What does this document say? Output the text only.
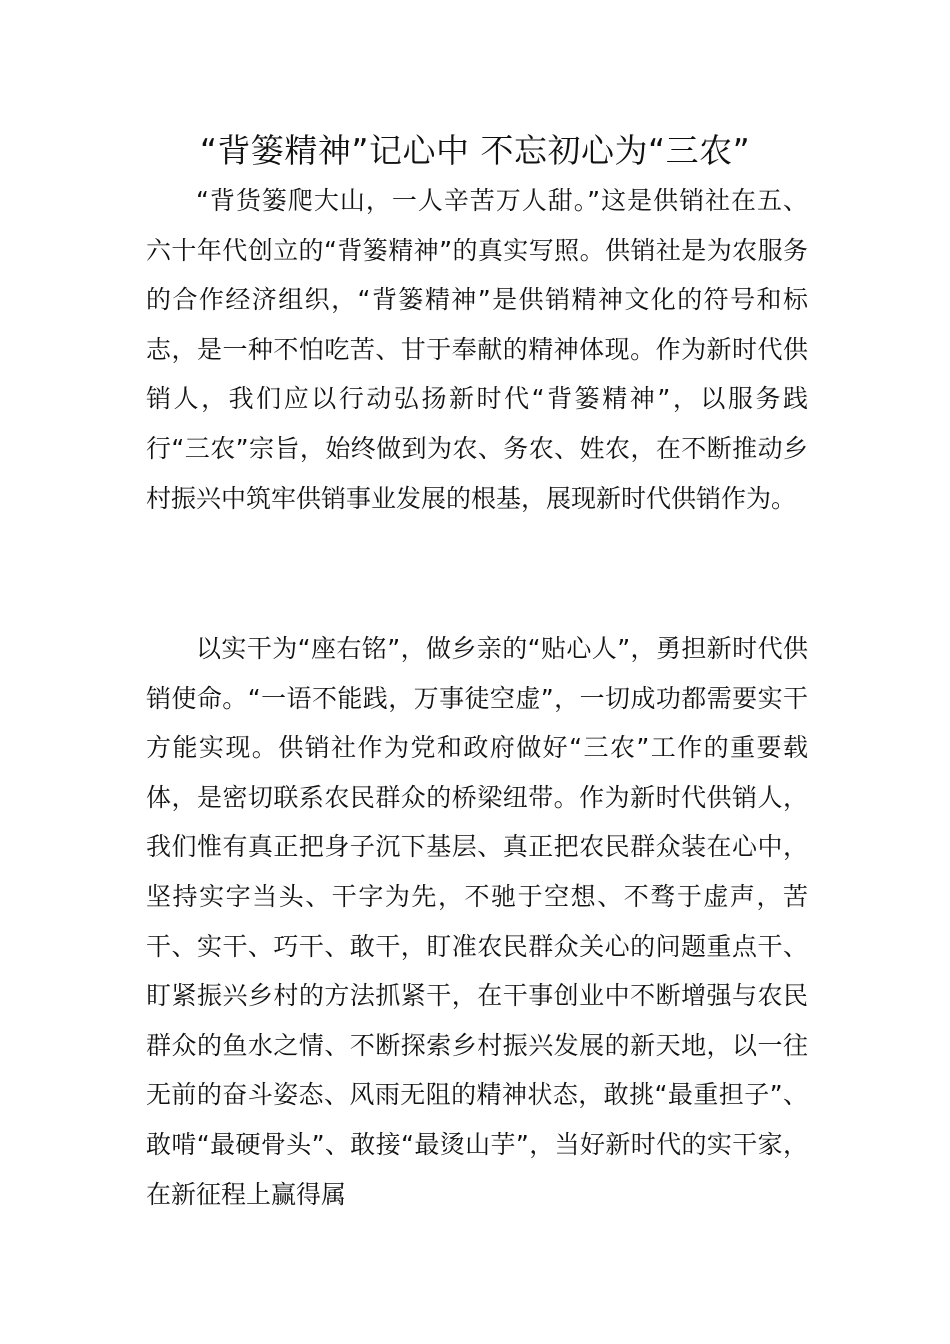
“背篓精神”记心中 不忘初心为“三农”

“背货篓爬大山，一人辛苦万人甜。”这是供销社在五、六十年代创立的“背篓精神”的真实写照。供销社是为农服务的合作经济组织，“背篓精神”是供销精神文化的符号和标志，是一种不怕吃苦、甘于奉献的精神体现。作为新时代供销人，我们应以行动弘扬新时代“背篓精神”，以服务践行“三农”宗旨，始终做到为农、务农、姓农，在不断推动乡村振兴中筑牢供销事业发展的根基，展现新时代供销作为。

以实干为“座右铭”，做乡亲的“贴心人”，勇担新时代供销使命。“一语不能践，万事徒空虚”，一切成功都需要实干方能实现。供销社作为党和政府做好“三农”工作的重要载体，是密切联系农民群众的桥梁纽带。作为新时代供销人，我们惟有真正把身子沉下基层、真正把农民群众装在心中，坚持实字当头、干字为先，不驰于空想、不骛于虚声，苦干、实干、巧干、敢干，盯准农民群众关心的问题重点干、盯紧振兴乡村的方法抓紧干，在干事创业中不断增强与农民群众的鱼水之情、不断探索乡村振兴发展的新天地，以一往无前的奋斗姿态、风雨无阻的精神状态，敢挑“最重担子”、敢啃“最硬骨头”、敢接“最烫山芋”，当好新时代的实干家，在新征程上赢得属
